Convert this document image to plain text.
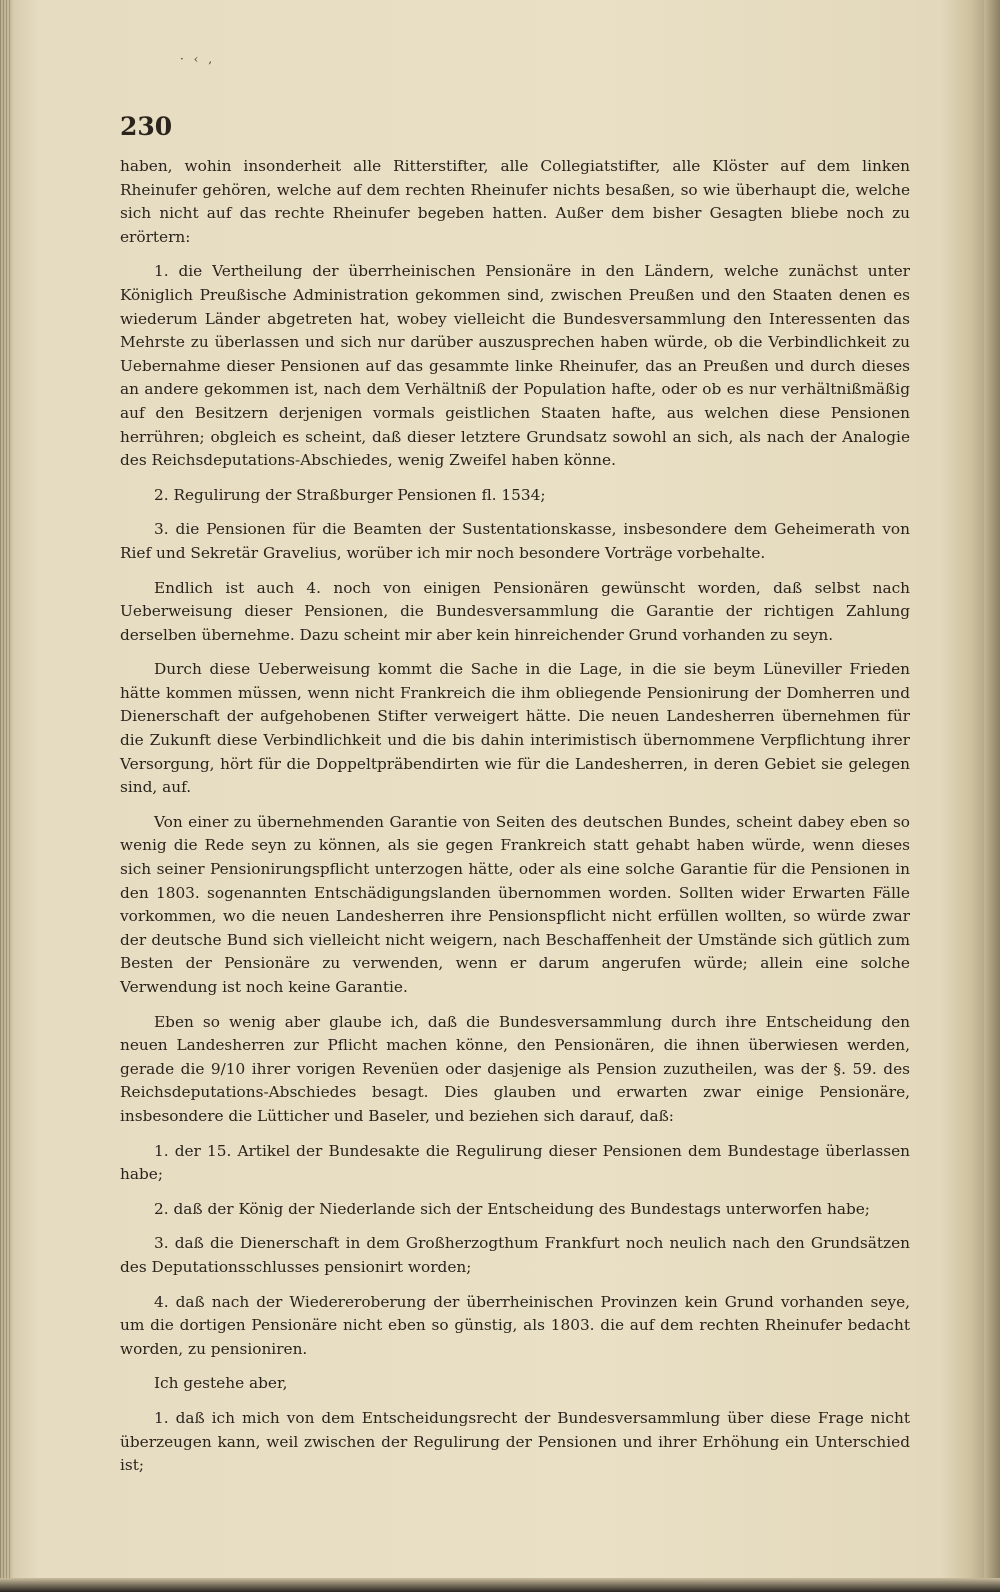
· ‹ ,
230

haben, wohin insonderheit alle Ritterstifter, alle Collegiatstifter, alle Klöster auf dem linken Rheinufer gehören, welche auf dem rechten Rheinufer nichts besaßen, so wie überhaupt die, welche sich nicht auf das rechte Rheinufer begeben hatten. Außer dem bisher Gesagten bliebe noch zu erörtern:

1. die Vertheilung der überrheinischen Pensionäre in den Ländern, welche zunächst unter Königlich Preußische Administration gekommen sind, zwischen Preußen und den Staaten denen es wiederum Länder abgetreten hat, wobey vielleicht die Bundesversammlung den Interessenten das Mehrste zu überlassen und sich nur darüber auszusprechen haben würde, ob die Verbindlichkeit zu Uebernahme dieser Pensionen auf das gesammte linke Rheinufer, das an Preußen und durch dieses an andere gekommen ist, nach dem Verhältniß der Population hafte, oder ob es nur verhältnißmäßig auf den Besitzern derjenigen vormals geistlichen Staaten hafte, aus welchen diese Pensionen herrühren; obgleich es scheint, daß dieser letztere Grundsatz sowohl an sich, als nach der Analogie des Reichsdeputations-Abschiedes, wenig Zweifel haben könne.

2. Regulirung der Straßburger Pensionen fl. 1534;

3. die Pensionen für die Beamten der Sustentationskasse, insbesondere dem Geheimerath von Rief und Sekretär Gravelius, worüber ich mir noch besondere Vorträge vorbehalte.

Endlich ist auch 4. noch von einigen Pensionären gewünscht worden, daß selbst nach Ueberweisung dieser Pensionen, die Bundesversammlung die Garantie der richtigen Zahlung derselben übernehme. Dazu scheint mir aber kein hinreichender Grund vorhanden zu seyn.

Durch diese Ueberweisung kommt die Sache in die Lage, in die sie beym Lüneviller Frieden hätte kommen müssen, wenn nicht Frankreich die ihm obliegende Pensionirung der Domherren und Dienerschaft der aufgehobenen Stifter verweigert hätte. Die neuen Landesherren übernehmen für die Zukunft diese Verbindlichkeit und die bis dahin interimistisch übernommene Verpflichtung ihrer Versorgung, hört für die Doppeltpräbendirten wie für die Landesherren, in deren Gebiet sie gelegen sind, auf.

Von einer zu übernehmenden Garantie von Seiten des deutschen Bundes, scheint dabey eben so wenig die Rede seyn zu können, als sie gegen Frankreich statt gehabt haben würde, wenn dieses sich seiner Pensionirungspflicht unterzogen hätte, oder als eine solche Garantie für die Pensionen in den 1803. sogenannten Entschädigungslanden übernommen worden. Sollten wider Erwarten Fälle vorkommen, wo die neuen Landesherren ihre Pensionspflicht nicht erfüllen wollten, so würde zwar der deutsche Bund sich vielleicht nicht weigern, nach Beschaffenheit der Umstände sich gütlich zum Besten der Pensionäre zu verwenden, wenn er darum angerufen würde; allein eine solche Verwendung ist noch keine Garantie.

Eben so wenig aber glaube ich, daß die Bundesversammlung durch ihre Entscheidung den neuen Landesherren zur Pflicht machen könne, den Pensionären, die ihnen überwiesen werden, gerade die 9/10 ihrer vorigen Revenüen oder dasjenige als Pension zuzutheilen, was der §. 59. des Reichsdeputations-Abschiedes besagt. Dies glauben und erwarten zwar einige Pensionäre, insbesondere die Lütticher und Baseler, und beziehen sich darauf, daß:

1. der 15. Artikel der Bundesakte die Regulirung dieser Pensionen dem Bundestage überlassen habe;

2. daß der König der Niederlande sich der Entscheidung des Bundestags unterworfen habe;

3. daß die Dienerschaft in dem Großherzogthum Frankfurt noch neulich nach den Grundsätzen des Deputationsschlusses pensionirt worden;

4. daß nach der Wiedereroberung der überrheinischen Provinzen kein Grund vorhanden seye, um die dortigen Pensionäre nicht eben so günstig, als 1803. die auf dem rechten Rheinufer bedacht worden, zu pensioniren.

Ich gestehe aber,

1. daß ich mich von dem Entscheidungsrecht der Bundesversammlung über diese Frage nicht überzeugen kann, weil zwischen der Regulirung der Pensionen und ihrer Erhöhung ein Unterschied ist;
